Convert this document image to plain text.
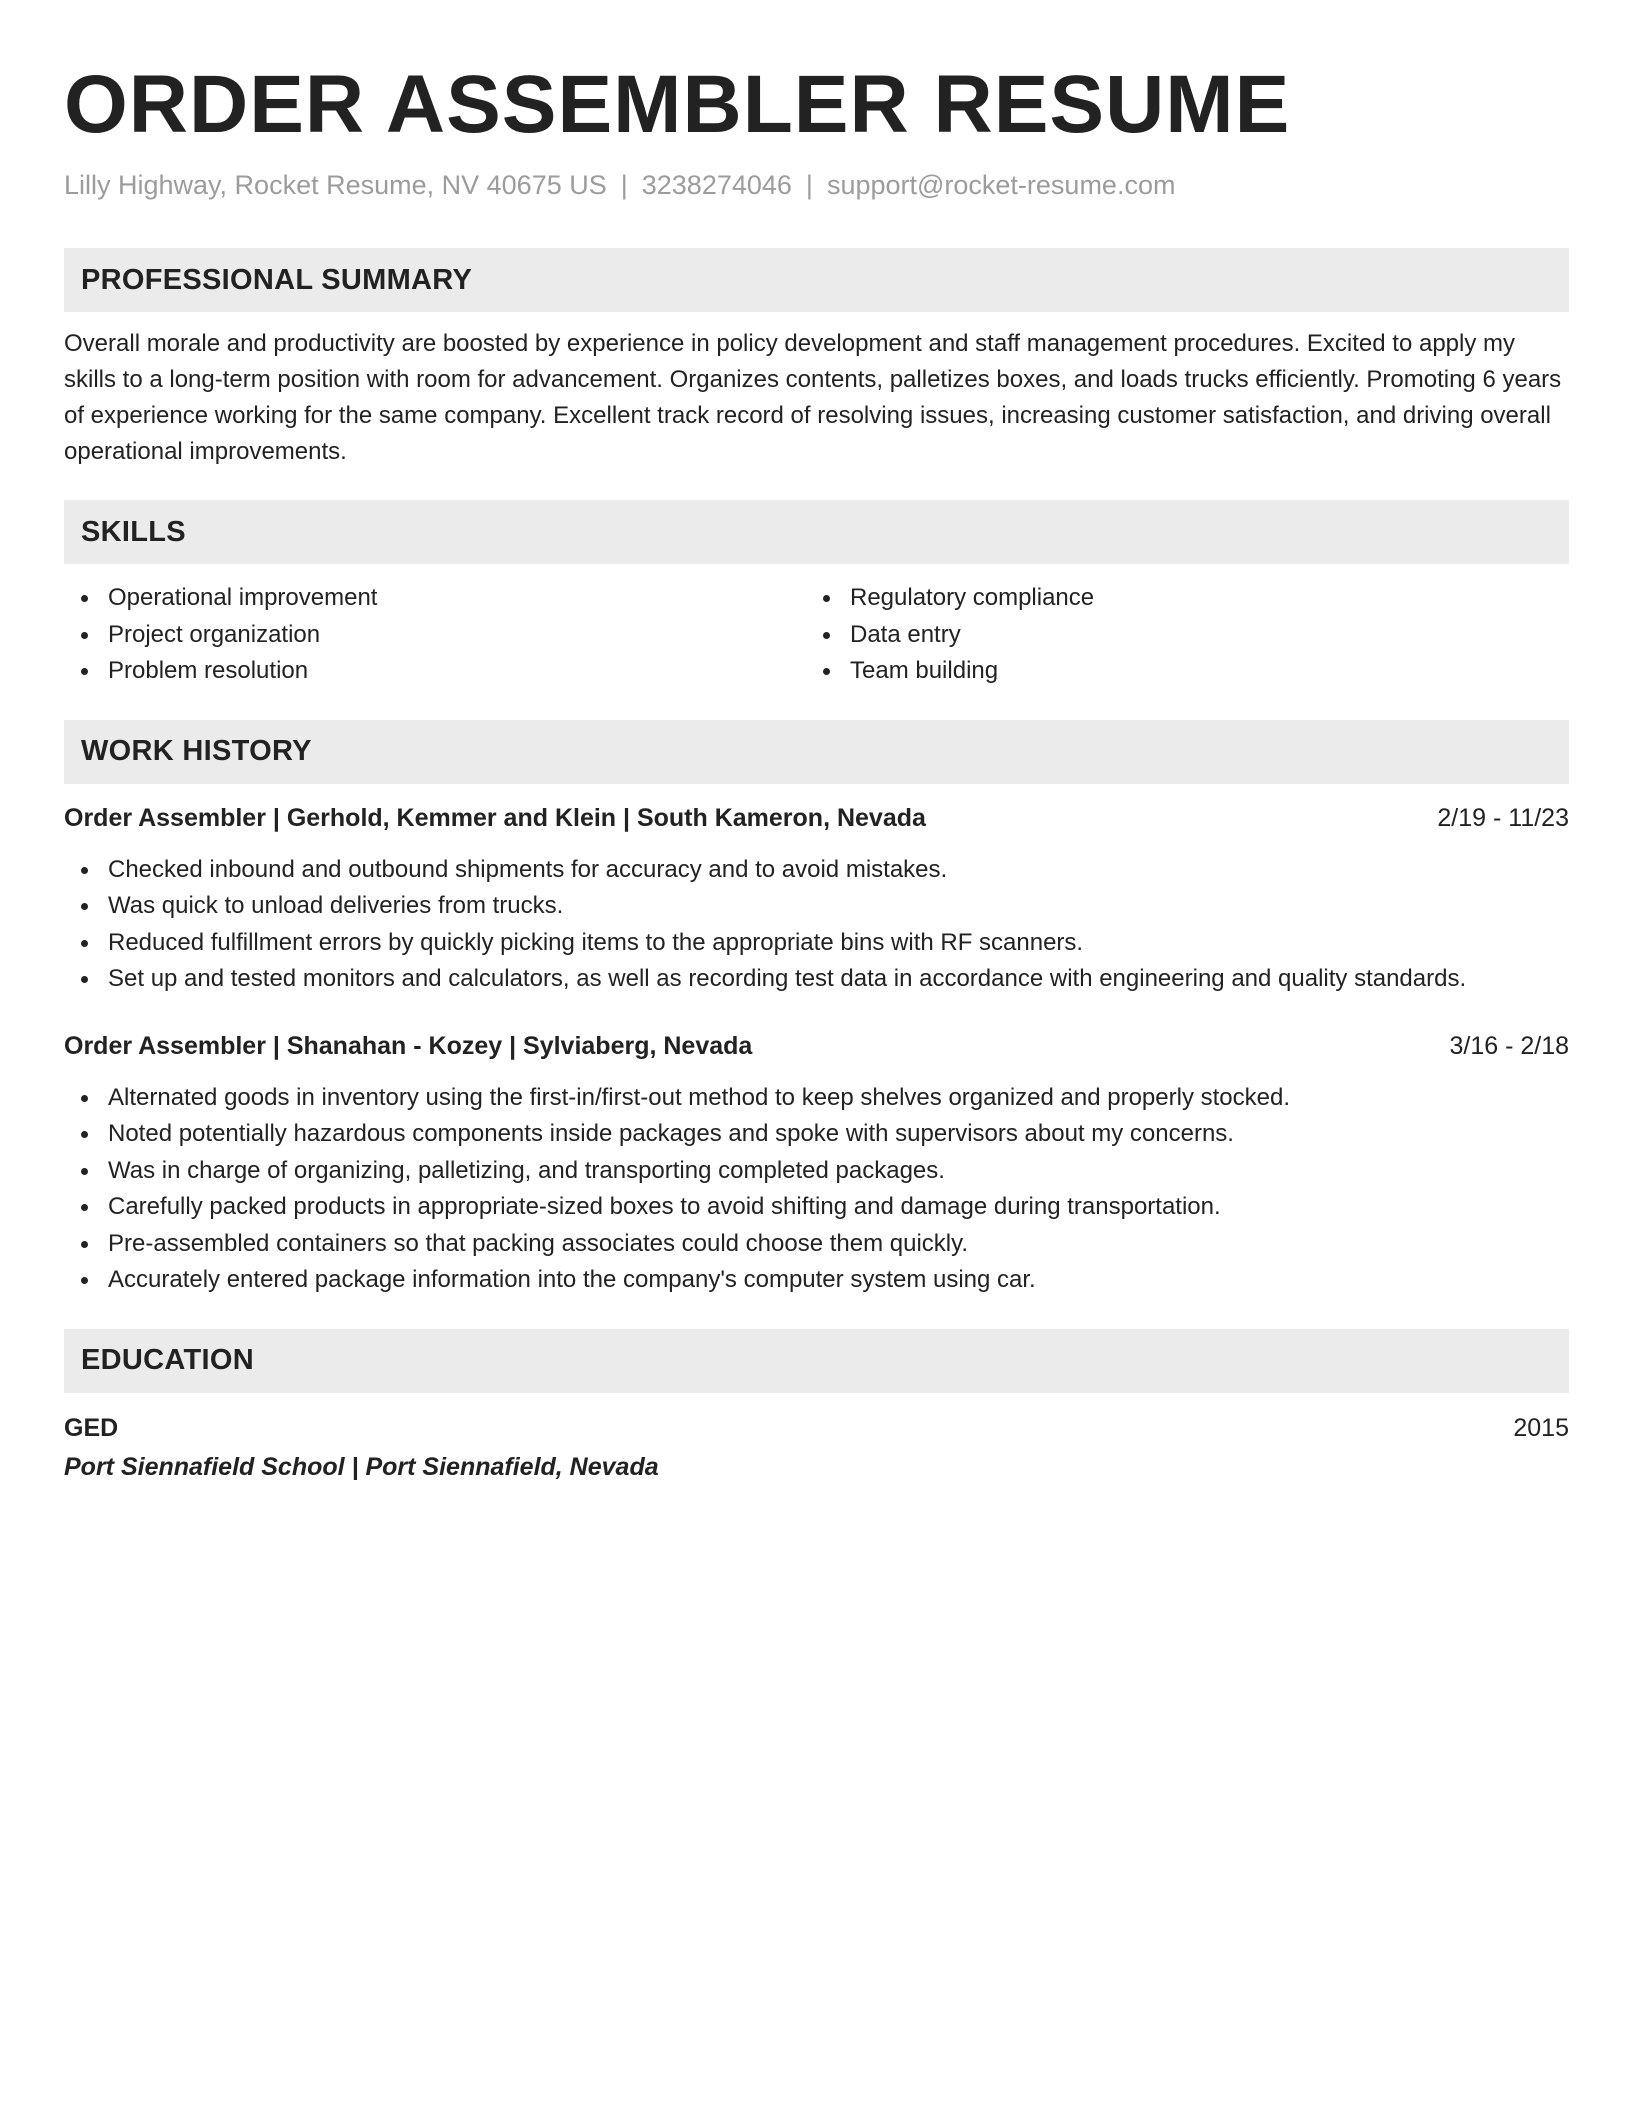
ORDER ASSEMBLER RESUME
Lilly Highway, Rocket Resume, NV 40675 US | 3238274046 | support@rocket-resume.com
PROFESSIONAL SUMMARY

Overall morale and productivity are boosted by experience in policy development and staff management procedures. Excited to apply my skills to a long-term position with room for advancement. Organizes contents, palletizes boxes, and loads trucks efficiently. Promoting 6 years of experience working for the same company. Excellent track record of resolving issues, increasing customer satisfaction, and driving overall operational improvements.

SKILLS
Operational improvement
Project organization
Problem resolution
Regulatory compliance
Data entry
Team building
WORK HISTORY
Order Assembler | Gerhold, Kemmer and Klein | South Kameron, Nevada	2/19 - 11/23
Checked inbound and outbound shipments for accuracy and to avoid mistakes.
Was quick to unload deliveries from trucks.
Reduced fulfillment errors by quickly picking items to the appropriate bins with RF scanners.
Set up and tested monitors and calculators, as well as recording test data in accordance with engineering and quality standards.
Order Assembler | Shanahan - Kozey | Sylviaberg, Nevada	3/16 - 2/18
Alternated goods in inventory using the first-in/first-out method to keep shelves organized and properly stocked.
Noted potentially hazardous components inside packages and spoke with supervisors about my concerns.
Was in charge of organizing, palletizing, and transporting completed packages.
Carefully packed products in appropriate-sized boxes to avoid shifting and damage during transportation.
Pre-assembled containers so that packing associates could choose them quickly.
Accurately entered package information into the company's computer system using car.
EDUCATION
GED	2015
Port Siennafield School | Port Siennafield, Nevada
